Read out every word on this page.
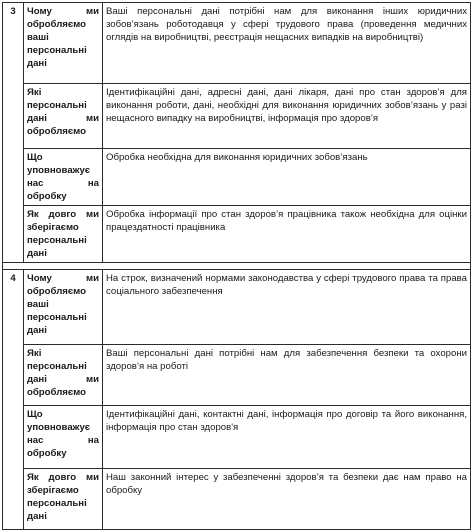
3	Чому ми обробляємо ваші персональні дані	Ваші персональні дані потрібні нам для виконання інших юридичних зобов’язань роботодавця у сфері трудового права (проведення медичних оглядів на виробництві, реєстрація нещасних випадків на виробництві)
	Які персональні дані ми обробляємо	Ідентифікаційні дані, адресні дані, дані лікаря, дані про стан здоров’я для виконання роботи, дані, необхідні для виконання юридичних зобов’язань у разі нещасного випадку на виробництві, інформація про здоров’я
	Що уповноважує нас на обробку	Обробка необхідна для виконання юридичних зобов’язань
	Як довго ми зберігаємо персональні дані	Обробка інформації про стан здоров’я працівника також необхідна для оцінки працездатності працівника

4	Чому ми обробляємо ваші персональні дані	На строк, визначений нормами законодавства у сфері трудового права та права соціального забезпечення
	Які персональні дані ми обробляємо	Ваші персональні дані потрібні нам для забезпечення безпеки та охорони здоров’я на роботі
	Що уповноважує нас на обробку	Ідентифікаційні дані, контактні дані, інформація про договір та його виконання, інформація про стан здоров'я
	Як довго ми зберігаємо персональні дані	Наш законний інтерес у забезпеченні здоров’я та безпеки дає нам право на обробку
